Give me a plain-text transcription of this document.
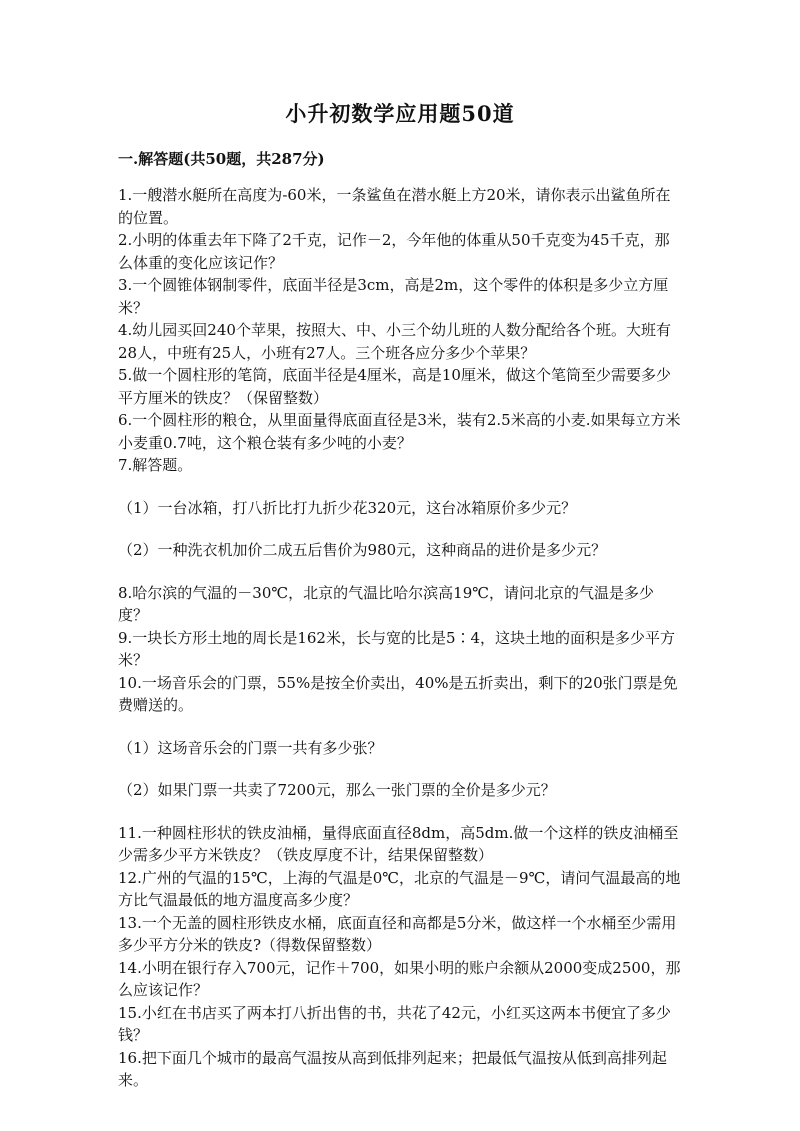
小升初数学应用题50道
一.解答题(共50题，共287分)

1.一艘潜水艇所在高度为-60米，一条鲨鱼在潜水艇上方20米，请你表示出鲨鱼所在的位置。

2.小明的体重去年下降了2千克，记作－2，今年他的体重从50千克变为45千克，那么体重的变化应该记作？

3.一个圆锥体钢制零件，底面半径是3cm，高是2m，这个零件的体积是多少立方厘米？

4.幼儿园买回240个苹果，按照大、中、小三个幼儿班的人数分配给各个班。大班有28人，中班有25人，小班有27人。三个班各应分多少个苹果？

5.做一个圆柱形的笔筒，底面半径是4厘米，高是10厘米，做这个笔筒至少需要多少平方厘米的铁皮？（保留整数）

6.一个圆柱形的粮仓，从里面量得底面直径是3米，装有2.5米高的小麦.如果每立方米小麦重0.7吨，这个粮仓装有多少吨的小麦？

7.解答题。

（1）一台冰箱，打八折比打九折少花320元，这台冰箱原价多少元？

（2）一种洗衣机加价二成五后售价为980元，这种商品的进价是多少元？

8.哈尔滨的气温的－30℃，北京的气温比哈尔滨高19℃，请问北京的气温是多少度？

9.一块长方形土地的周长是162米，长与宽的比是5∶4，这块土地的面积是多少平方米？

10.一场音乐会的门票，55%是按全价卖出，40%是五折卖出，剩下的20张门票是免费赠送的。

（1）这场音乐会的门票一共有多少张？

（2）如果门票一共卖了7200元，那么一张门票的全价是多少元？

11.一种圆柱形状的铁皮油桶，量得底面直径8dm，高5dm.做一个这样的铁皮油桶至少需多少平方米铁皮？（铁皮厚度不计，结果保留整数）

12.广州的气温的15℃，上海的气温是0℃，北京的气温是－9℃，请问气温最高的地方比气温最低的地方温度高多少度？

13.一个无盖的圆柱形铁皮水桶，底面直径和高都是5分米，做这样一个水桶至少需用多少平方分米的铁皮?（得数保留整数）

14.小明在银行存入700元，记作＋700，如果小明的账户余额从2000变成2500，那么应该记作？

15.小红在书店买了两本打八折出售的书，共花了42元，小红买这两本书便宜了多少钱？

16.把下面几个城市的最高气温按从高到低排列起来；把最低气温按从低到高排列起来。
